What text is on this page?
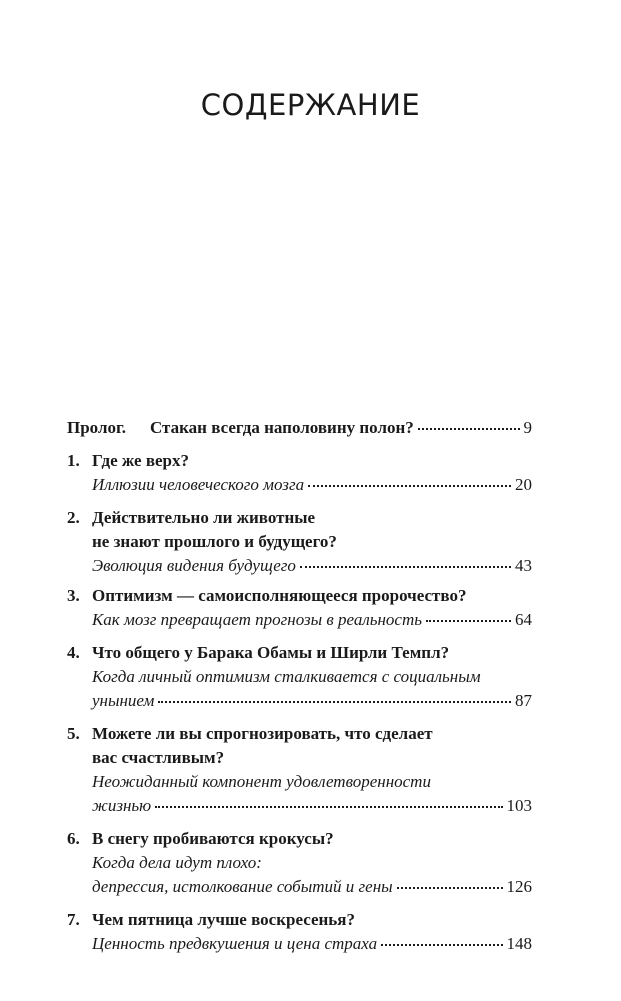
СОДЕРЖАНИЕ
Пролог.	Стакан всегда наполовину полон?	9
1. Где же верх?
Иллюзии человеческого мозга	20
2. Действительно ли животные
не знают прошлого и будущего?
Эволюция видения будущего	43
3. Оптимизм — самоисполняющееся пророчество?
Как мозг превращает прогнозы в реальность	64
4. Что общего у Барака Обамы и Ширли Темпл?
Когда личный оптимизм сталкивается с социальным
унынием	87
5. Можете ли вы спрогнозировать, что сделает
вас счастливым?
Неожиданный компонент удовлетворенности
жизнью	103
6. В снегу пробиваются крокусы?
Когда дела идут плохо:
депрессия, истолкование событий и гены	126
7. Чем пятница лучше воскресенья?
Ценность предвкушения и цена страха	148
